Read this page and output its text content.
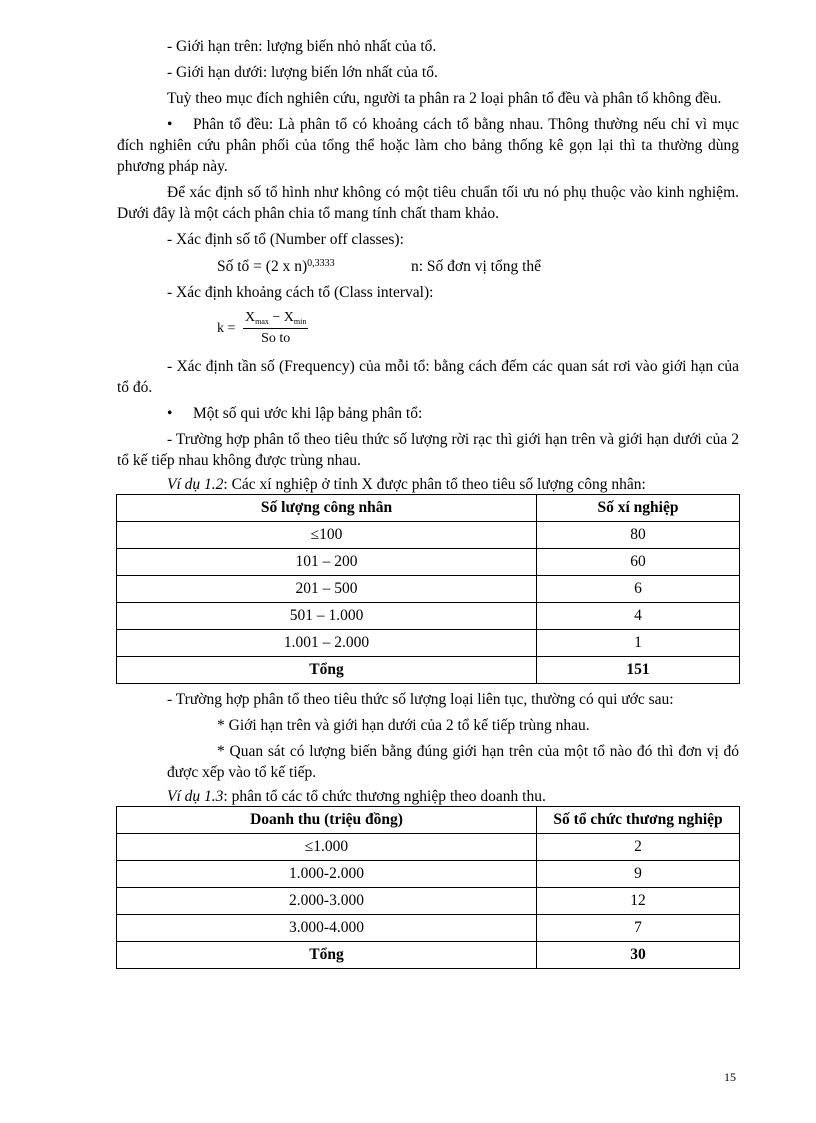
- Giới hạn trên: lượng biến nhỏ nhất của tổ.

- Giới hạn dưới: lượng biến lớn nhất của tổ.

Tuỳ theo mục đích nghiên cứu, người ta phân ra 2 loại phân tổ đều và phân tổ không đều.

• Phân tổ đều: Là phân tổ có khoảng cách tổ bằng nhau. Thông thường nếu chỉ vì mục đích nghiên cứu phân phối của tổng thể hoặc làm cho bảng thống kê gọn lại thì ta thường dùng phương pháp này.

Để xác định số tổ hình như không có một tiêu chuẩn tối ưu nó phụ thuộc vào kinh nghiệm. Dưới đây là một cách phân chia tổ mang tính chất tham khảo.

- Xác định số tổ (Number off classes):

Số tổ = (2 x n)$^{0,3333}$	n: Số đơn vị tổng thể

- Xác định khoảng cách tổ (Class interval):

k =
$X_{max} - X_{min}$
So to

- Xác định tần số (Frequency) của mỗi tổ: bằng cách đếm các quan sát rơi vào giới hạn của tổ đó.

• Một số qui ước khi lập bảng phân tổ:

- Trường hợp phân tổ theo tiêu thức số lượng rời rạc thì giới hạn trên và giới hạn dưới của 2 tổ kế tiếp nhau không được trùng nhau.

Ví dụ 1.2: Các xí nghiệp ở tỉnh X được phân tổ theo tiêu số lượng công nhân:

Số lượng công nhân	Số xí nghiệp
≤100	80
101 – 200	60
201 – 500	6
501 – 1.000	4
1.001 – 2.000	1
Tổng	151

- Trường hợp phân tổ theo tiêu thức số lượng loại liên tục, thường có qui ước sau:

* Giới hạn trên và giới hạn dưới của 2 tổ kế tiếp trùng nhau.

* Quan sát có lượng biến bằng đúng giới hạn trên của một tổ nào đó thì đơn vị đó được xếp vào tổ kế tiếp.

Ví dụ 1.3: phân tổ các tổ chức thương nghiệp theo doanh thu.

Doanh thu (triệu đồng)	Số tổ chức thương nghiệp
≤1.000	2
1.000-2.000	9
2.000-3.000	12
3.000-4.000	7
Tổng	30
15
